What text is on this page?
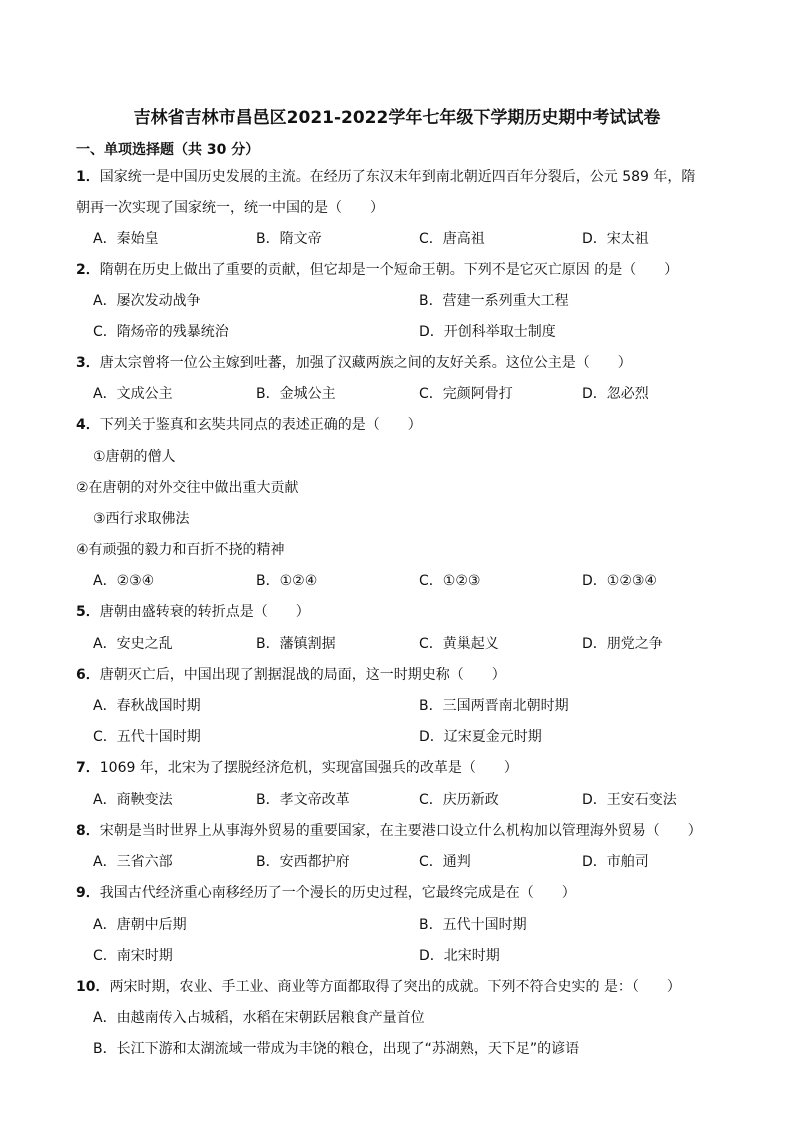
吉林省吉林市昌邑区2021-2022学年七年级下学期历史期中考试试卷
一、单项选择题（共 30 分）
1．国家统一是中国历史发展的主流。在经历了东汉末年到南北朝近四百年分裂后，公元 589 年，隋
朝再一次实现了国家统一，统一中国的是（　　）
A．秦始皇	B．隋文帝	C．唐高祖	D．宋太祖
2．隋朝在历史上做出了重要的贡献，但它却是一个短命王朝。下列不是它灭亡原因 的是（　　）
A．屡次发动战争	B．营建一系列重大工程
C．隋炀帝的残暴统治	D．开创科举取士制度
3．唐太宗曾将一位公主嫁到吐蕃，加强了汉藏两族之间的友好关系。这位公主是（　　）
A．文成公主	B．金城公主	C．完颜阿骨打	D．忽必烈
4．下列关于鉴真和玄奘共同点的表述正确的是（　　）
①唐朝的僧人
②在唐朝的对外交往中做出重大贡献
③西行求取佛法
④有顽强的毅力和百折不挠的精神
A．②③④	B．①②④	C．①②③	D．①②③④
5．唐朝由盛转衰的转折点是（　　）
A．安史之乱	B．藩镇割据	C．黄巢起义	D．朋党之争
6．唐朝灭亡后，中国出现了割据混战的局面，这一时期史称（　　）
A．春秋战国时期	B．三国两晋南北朝时期
C．五代十国时期	D．辽宋夏金元时期
7．1069 年，北宋为了摆脱经济危机，实现富国强兵的改革是（　　）
A．商鞅变法	B．孝文帝改革	C．庆历新政	D．王安石变法
8．宋朝是当时世界上从事海外贸易的重要国家，在主要港口设立什么机构加以管理海外贸易（　　）
A．三省六部	B．安西都护府	C．通判	D．市舶司
9．我国古代经济重心南移经历了一个漫长的历史过程，它最终完成是在（　　）
A．唐朝中后期	B．五代十国时期
C．南宋时期	D．北宋时期
10．两宋时期，农业、手工业、商业等方面都取得了突出的成就。下列不符合史实的 是：（　　）
A．由越南传入占城稻，水稻在宋朝跃居粮食产量首位
B．长江下游和太湖流域一带成为丰饶的粮仓，出现了“苏湖熟，天下足”的谚语
